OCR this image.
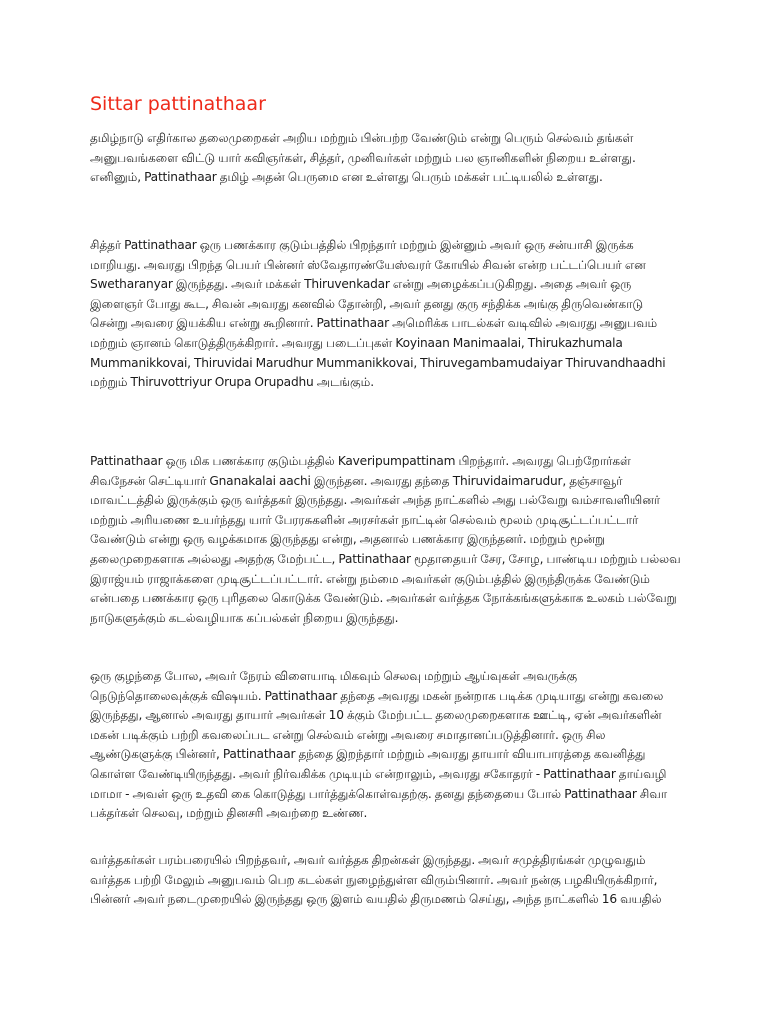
Sittar pattinathaar

தமிழ்நாடு எதிர்கால தலைமுறைகள் அறிய மற்றும் பின்பற்ற வேண்டும் என்று பெரும் செல்வம் தங்கள் அனுபவங்களை விட்டு யார் கவிஞர்கள், சித்தர், முனிவர்கள் மற்றும் பல ஞானிகளின் நிறைய உள்ளது. எனினும், Pattinathaar தமிழ் அதன் பெருமை என உள்ளது பெரும் மக்கள் பட்டியலில் உள்ளது.

சித்தர் Pattinathaar ஒரு பணக்கார குடும்பத்தில் பிறந்தார் மற்றும் இன்னும் அவர் ஒரு சன்யாசி இருக்க மாறியது. அவரது பிறந்த பெயர் பின்னர் ஸ்வேதாரண்யேஸ்வரர் கோயில் சிவன் என்ற பட்டப்பெயர் என Swetharanyar இருந்தது. அவர் மக்கள் Thiruvenkadar என்று அழைக்கப்படுகிறது. அதை அவர் ஒரு இளைஞர் போது கூட, சிவன் அவரது கனவில் தோன்றி, அவர் தனது குரு சந்திக்க அங்கு திருவெண்காடு சென்று அவரை இயக்கிய என்று கூறினார். Pattinathaar அமெரிக்க பாடல்கள் வடிவில் அவரது அனுபவம் மற்றும் ஞானம் கொடுத்திருக்கிறார். அவரது படைப்புகள் Koyinaan Manimaalai, Thirukazhumala Mummanikkovai, Thiruvidai Marudhur Mummanikkovai, Thiruvegambamudaiyar Thiruvandhaadhi மற்றும் Thiruvottriyur Orupa Orupadhu அடங்கும்.

Pattinathaar ஒரு மிக பணக்கார குடும்பத்தில் Kaveripumpattinam பிறந்தார். அவரது பெற்றோர்கள் சிவநேசன் செட்டியார் Gnanakalai aachi இருந்தன. அவரது தந்தை Thiruvidaimarudur, தஞ்சாவூர் மாவட்டத்தில் இருக்கும் ஒரு வர்த்தகர் இருந்தது. அவர்கள் அந்த நாட்களில் அது பல்வேறு வம்சாவளியினர் மற்றும் அரியணை உயர்ந்தது யார் பேரரசுகளின் அரசர்கள் நாட்டின் செல்வம் மூலம் முடிசூட்டப்பட்டார் வேண்டும் என்று ஒரு வழக்கமாக இருந்தது என்று, அதனால் பணக்கார இருந்தனர். மற்றும் மூன்று தலைமுறைகளாக அல்லது அதற்கு மேற்பட்ட, Pattinathaar மூதாதையர் சேர, சோழ, பாண்டிய மற்றும் பல்லவ இராஜ்யம் ராஜாக்களை முடிசூட்டப்பட்டார். என்று நம்மை அவர்கள் குடும்பத்தில் இருந்திருக்க வேண்டும் என்பதை பணக்கார ஒரு புரிதலை கொடுக்க வேண்டும். அவர்கள் வர்த்தக நோக்கங்களுக்காக உலகம் பல்வேறு நாடுகளுக்கும் கடல்வழியாக கப்பல்கள் நிறைய இருந்தது.

ஒரு குழந்தை போல, அவர் நேரம் விளையாடி மிகவும் செலவு மற்றும் ஆய்வுகள் அவருக்கு நெடுந்தொலைவுக்குக் விஷயம். Pattinathaar தந்தை அவரது மகன் நன்றாக படிக்க முடியாது என்று கவலை இருந்தது, ஆனால் அவரது தாயார் அவர்கள் 10 க்கும் மேற்பட்ட தலைமுறைகளாக ஊட்டி, ஏன் அவர்களின் மகன் படிக்கும் பற்றி கவலைப்பட என்று செல்வம் என்று அவரை சமாதானப்படுத்தினார். ஒரு சில ஆண்டுகளுக்கு பின்னர், Pattinathaar தந்தை இறந்தார் மற்றும் அவரது தாயார் வியாபாரத்தை கவனித்து கொள்ள வேண்டியிருந்தது. அவர் நிர்வகிக்க முடியும் என்றாலும், அவரது சகோதரர் - Pattinathaar தாய்வழி மாமா - அவள் ஒரு உதவி கை கொடுத்து பார்த்துக்கொள்வதற்கு. தனது தந்தையை போல் Pattinathaar சிவா பக்தர்கள் செலவு, மற்றும் தினசரி அவற்றை உண்ண.

வர்த்தகர்கள் பரம்பரையில் பிறந்தவர், அவர் வர்த்தக திறன்கள் இருந்தது. அவர் சமுத்திரங்கள் முழுவதும் வர்த்தக பற்றி மேலும் அனுபவம் பெற கடல்கள் நுழைந்துள்ள விரும்பினார். அவர் நன்கு பழகியிருக்கிறார், பின்னர் அவர் நடைமுறையில் இருந்தது ஒரு இளம் வயதில் திருமணம் செய்து, அந்த நாட்களில் 16 வயதில்
